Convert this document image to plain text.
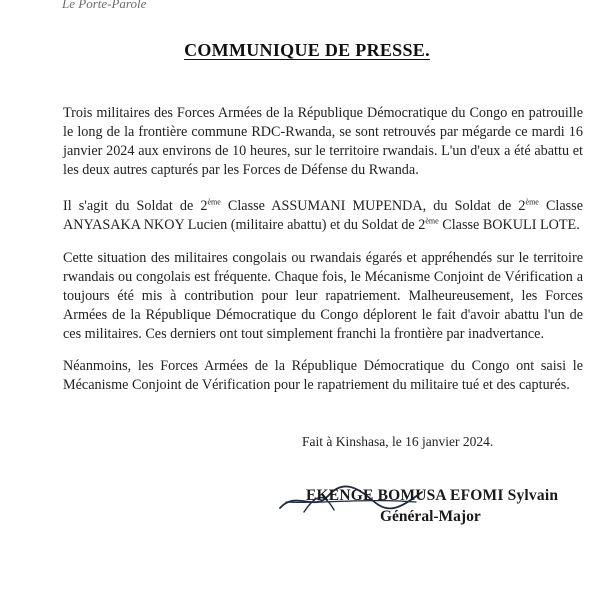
Le Porte-Parole
COMMUNIQUE DE PRESSE.
Trois militaires des Forces Armées de la République Démocratique du Congo en patrouille le long de la frontière commune RDC-Rwanda, se sont retrouvés par mégarde ce mardi 16 janvier 2024 aux environs de 10 heures, sur le territoire rwandais. L'un d'eux a été abattu et les deux autres capturés par les Forces de Défense du Rwanda.
Il s'agit du Soldat de 2ème Classe ASSUMANI MUPENDA, du Soldat de 2ème Classe ANYASAKA NKOY Lucien (militaire abattu) et du Soldat de 2ème Classe BOKULI LOTE.
Cette situation des militaires congolais ou rwandais égarés et appréhendés sur le territoire rwandais ou congolais est fréquente. Chaque fois, le Mécanisme Conjoint de Vérification a toujours été mis à contribution pour leur rapatriement. Malheureusement, les Forces Armées de la République Démocratique du Congo déplorent le fait d'avoir abattu l'un de ces militaires. Ces derniers ont tout simplement franchi la frontière par inadvertance.
Néanmoins, les Forces Armées de la République Démocratique du Congo ont saisi le Mécanisme Conjoint de Vérification pour le rapatriement du militaire tué et des capturés.
Fait à Kinshasa, le 16 janvier 2024.
EKENGE BOMUSA EFOMI Sylvain
Général-Major
